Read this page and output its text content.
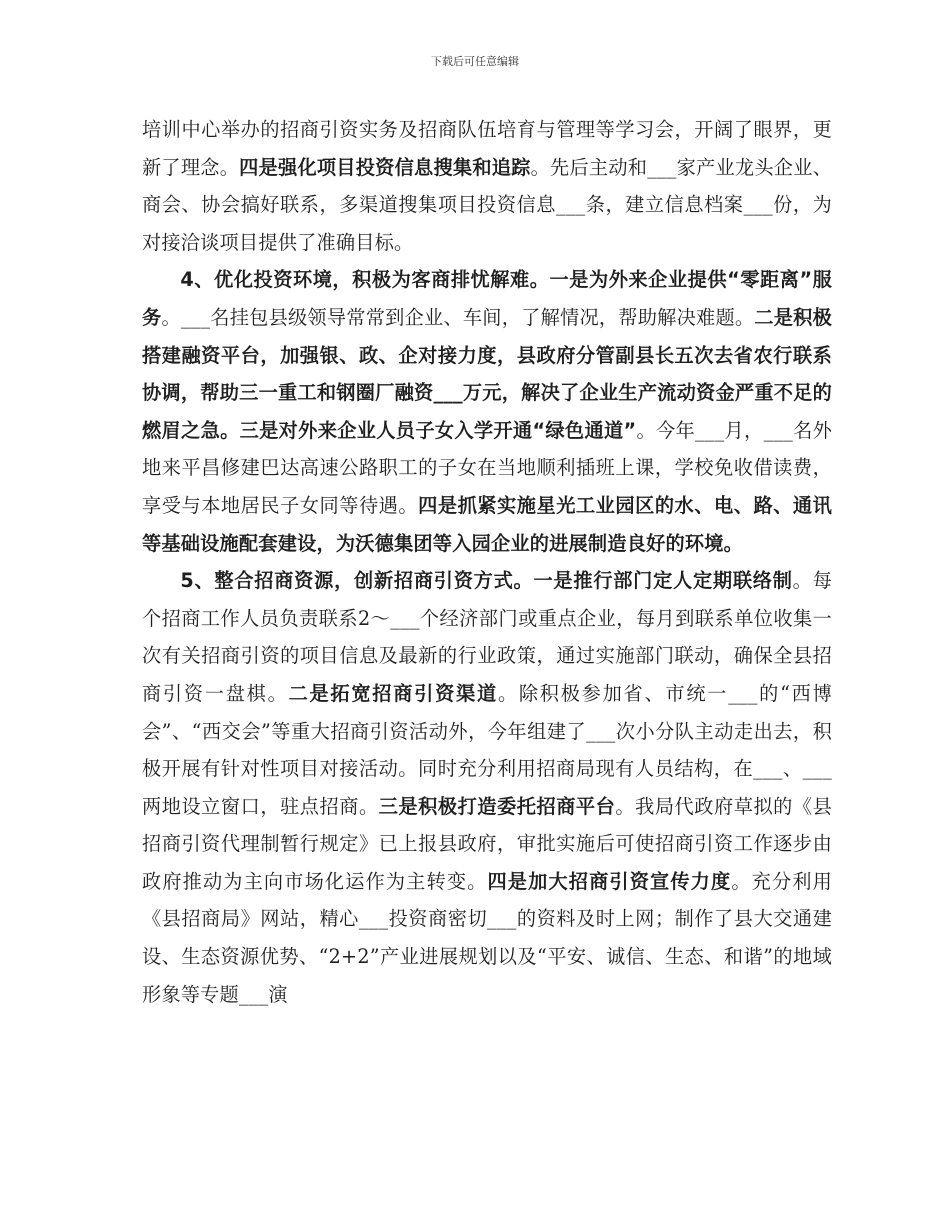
下载后可任意编辑

培训中心举办的招商引资实务及招商队伍培育与管理等学习会，开阔了眼界，更新了理念。四是强化项目投资信息搜集和追踪。先后主动和___家产业龙头企业、商会、协会搞好联系，多渠道搜集项目投资信息___条，建立信息档案___份，为对接洽谈项目提供了准确目标。

4、优化投资环境，积极为客商排忧解难。一是为外来企业提供“零距离”服务。___名挂包县级领导常常到企业、车间，了解情况，帮助解决难题。二是积极搭建融资平台，加强银、政、企对接力度，县政府分管副县长五次去省农行联系协调，帮助三一重工和钢圈厂融资___万元，解决了企业生产流动资金严重不足的燃眉之急。三是对外来企业人员子女入学开通“绿色通道”。今年___月，___名外地来平昌修建巴达高速公路职工的子女在当地顺利插班上课，学校免收借读费，享受与本地居民子女同等待遇。四是抓紧实施星光工业园区的水、电、路、通讯等基础设施配套建设，为沃德集团等入园企业的进展制造良好的环境。

5、整合招商资源，创新招商引资方式。一是推行部门定人定期联络制。每个招商工作人员负责联系2～___个经济部门或重点企业，每月到联系单位收集一次有关招商引资的项目信息及最新的行业政策，通过实施部门联动，确保全县招商引资一盘棋。二是拓宽招商引资渠道。除积极参加省、市统一___的“西博会”、“西交会”等重大招商引资活动外，今年组建了___次小分队主动走出去，积极开展有针对性项目对接活动。同时充分利用招商局现有人员结构，在___、___两地设立窗口，驻点招商。三是积极打造委托招商平台。我局代政府草拟的《县招商引资代理制暂行规定》已上报县政府，审批实施后可使招商引资工作逐步由政府推动为主向市场化运作为主转变。四是加大招商引资宣传力度。充分利用《县招商局》网站，精心___投资商密切___的资料及时上网；制作了县大交通建设、生态资源优势、“2+2”产业进展规划以及“平安、诚信、生态、和谐”的地域形象等专题___演
